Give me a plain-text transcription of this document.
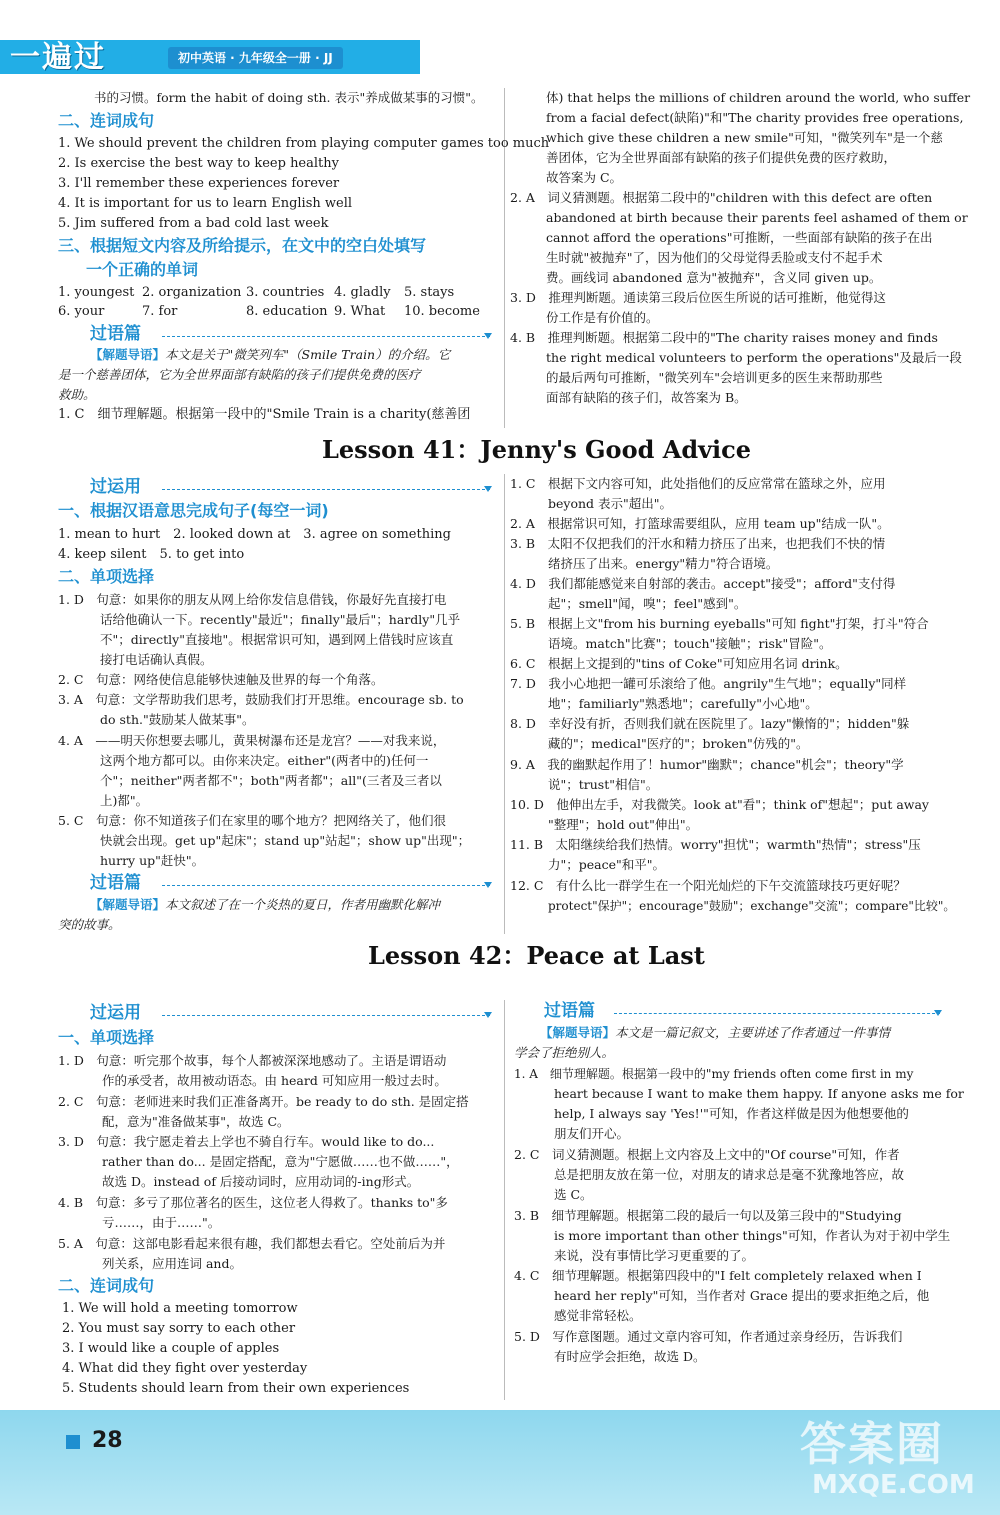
一遍过	初中英语 · 九年级全一册 · JJ
书的习惯。form the habit of doing sth. 表示"养成做某事的习惯"。
二、连词成句
1. We should prevent the children from playing computer games too much
2. Is exercise the best way to keep healthy
3. I'll remember these experiences forever
4. It is important for us to learn English well
5. Jim suffered from a bad cold last week
三、根据短文内容及所给提示，在文中的空白处填写
一个正确的单词
1. youngest 2. organization 3. countries 4. gladly 5. stays
6. your	7. for	8. education 9. What 10. become
过语篇
【解题导语】本文是关于"微笑列车"（Smile Train）的介绍。它
是一个慈善团体，它为全世界面部有缺陷的孩子们提供免费的医疗
救助。
1. C　细节理解题。根据第一段中的"Smile Train is a charity(慈善团
体) that helps the millions of children around the world, who suffer
from a facial defect(缺陷)"和"The charity provides free operations,
which give these children a new smile"可知，"微笑列车"是一个慈
善团体，它为全世界面部有缺陷的孩子们提供免费的医疗救助，
故答案为 C。
2. A　词义猜测题。根据第二段中的"children with this defect are often
abandoned at birth because their parents feel ashamed of them or
cannot afford the operations"可推断，一些面部有缺陷的孩子在出
生时就"被抛弃"了，因为他们的父母觉得丢脸或支付不起手术
费。画线词 abandoned 意为"被抛弃"，含义同 given up。
3. D　推理判断题。通读第三段后位医生所说的话可推断，他觉得这
份工作是有价值的。
4. B　推理判断题。根据第二段中的"The charity raises money and finds
the right medical volunteers to perform the operations"及最后一段
的最后两句可推断，"微笑列车"会培训更多的医生来帮助那些
面部有缺陷的孩子们，故答案为 B。
Lesson 41：Jenny's Good Advice
过运用
一、根据汉语意思完成句子(每空一词)
1. mean to hurt　2. looked down at　3. agree on something
4. keep silent　5. to get into
二、单项选择
1. D　句意：如果你的朋友从网上给你发信息借钱，你最好先直接打电
话给他确认一下。recently"最近"；finally"最后"；hardly"几乎
不"；directly"直接地"。根据常识可知，遇到网上借钱时应该直
接打电话确认真假。
2. C　句意：网络使信息能够快速触及世界的每一个角落。
3. A　句意：文学帮助我们思考，鼓励我们打开思维。encourage sb. to
do sth."鼓励某人做某事"。
4. A　——明天你想要去哪儿，黄果树瀑布还是龙宫？——对我来说，
这两个地方都可以。由你来决定。either"(两者中的)任何一
个"；neither"两者都不"；both"两者都"；all"(三者及三者以
上)都"。
5. C　句意：你不知道孩子们在家里的哪个地方？把网络关了，他们很
快就会出现。get up"起床"；stand up"站起"；show up"出现"；
hurry up"赶快"。
过语篇
【解题导语】本文叙述了在一个炎热的夏日，作者用幽默化解冲
突的故事。
1. C　根据下文内容可知，此处指他们的反应常常在篮球之外，应用
beyond 表示"超出"。
2. A　根据常识可知，打篮球需要组队，应用 team up"结成一队"。
3. B　太阳不仅把我们的汗水和精力挤压了出来，也把我们不快的情
绪挤压了出来。energy"精力"符合语境。
4. D　我们都能感觉来自射部的袭击。accept"接受"；afford"支付得
起"；smell"闻，嗅"；feel"感到"。
5. B　根据上文"from his burning eyeballs"可知 fight"打架，打斗"符合
语境。match"比赛"；touch"接触"；risk"冒险"。
6. C　根据上文提到的"tins of Coke"可知应用名词 drink。
7. D　我小心地把一罐可乐滚给了他。angrily"生气地"；equally"同样
地"；familiarly"熟悉地"；carefully"小心地"。
8. D　幸好没有折，否则我们就在医院里了。lazy"懒惰的"；hidden"躲
藏的"；medical"医疗的"；broken"仿残的"。
9. A　我的幽默起作用了！humor"幽默"；chance"机会"；theory"学
说"；trust"相信"。
10. D　他伸出左手，对我微笑。look at"看"；think of"想起"；put away
"整理"；hold out"伸出"。
11. B　太阳继续给我们热情。worry"担忧"；warmth"热情"；stress"压
力"；peace"和平"。
12. C　有什么比一群学生在一个阳光灿烂的下午交流篮球技巧更好呢？
protect"保护"；encourage"鼓励"；exchange"交流"；compare"比较"。
Lesson 42：Peace at Last
过运用
一、单项选择
1. D　句意：听完那个故事，每个人都被深深地感动了。主语是谓语动
作的承受者，故用被动语态。由 heard 可知应用一般过去时。
2. C　句意：老师进来时我们正准备离开。be ready to do sth. 是固定搭
配，意为"准备做某事"，故选 C。
3. D　句意：我宁愿走着去上学也不骑自行车。would like to do...
rather than do... 是固定搭配，意为"宁愿做……也不做……"，
故选 D。instead of 后接动词时，应用动词的-ing形式。
4. B　句意：多亏了那位著名的医生，这位老人得救了。thanks to"多
亏……，由于……"。
5. A　句意：这部电影看起来很有趣，我们都想去看它。空处前后为并
列关系，应用连词 and。
二、连词成句
1. We will hold a meeting tomorrow
2. You must say sorry to each other
3. I would like a couple of apples
4. What did they fight over yesterday
5. Students should learn from their own experiences
过语篇
【解题导语】本文是一篇记叙文，主要讲述了作者通过一件事情
学会了拒绝别人。
1. A　细节理解题。根据第一段中的"my friends often come first in my
heart because I want to make them happy. If anyone asks me for
help, I always say 'Yes!'"可知，作者这样做是因为他想要他的
朋友们开心。
2. C　词义猜测题。根据上文内容及上文中的"Of course"可知，作者
总是把朋友放在第一位，对朋友的请求总是毫不犹豫地答应，故
选 C。
3. B　细节理解题。根据第二段的最后一句以及第三段中的"Studying
is more important than other things"可知，作者认为对于初中学生
来说，没有事情比学习更重要的了。
4. C　细节理解题。根据第四段中的"I felt completely relaxed when I
heard her reply"可知，当作者对 Grace 提出的要求拒绝之后，他
感觉非常轻松。
5. D　写作意图题。通过文章内容可知，作者通过亲身经历，告诉我们
有时应学会拒绝，故选 D。
28	答案圈
MXQE.COM
